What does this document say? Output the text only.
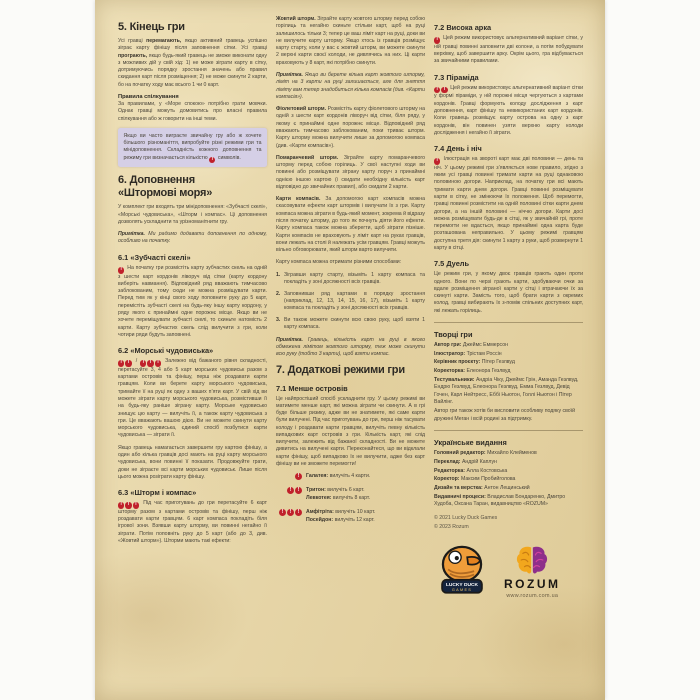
5. Кінець гри

Усі гравці перемагають, якщо активний гравець успішно зіграє карту фінішу після заповнення сітки. Усі гравці програють, якщо будь-який гравець не зможе виконати одну з можливих дій у свій хід: 1) не може зіграти карту в сітку, дотримуючись порядку зростання значень або правил скидання карт після розміщення; 2) не може скинути 2 карти, бо на початку ходу має всього 1 чи 0 карт.

Правила спілкування

За правилами, у «Море спокою» потрібно грати мовчки. Однак гравці можуть домовитись про власні правила спілкування або ж говорити на інші теми.

Якщо ви часто виграєте звичайну гру або ж хочете більшого різноманіття, випробуйте різні режими гри та мінідоповнення. Складність кожного доповнення та режиму гри визначається кількістю ! символів.

6. Доповнення
«Штормові моря»

У комплект гри входять три мінідоповнення: «Зубчасті скелі», «Морські чудовиська», «Шторм і компас». Ці доповнення дозволять ускладнити та урізноманітнити гру.

Примітка. Ми радимо додавати доповнення по одному, особливо на початку.

6.1 «Зубчасті скелі»

! На початку гри розмістіть карту зубчастих скель на одній з шести карт кордонів ліворуч від сітки (карту кордону виберіть навмання). Відповідний ряд вважають тимчасово заблокованим, тому сюди не можна розміщувати карти. Перед тим як у кінці свого ходу поповните руку до 5 карт, перемістіть зубчасті скелі на будь-яку іншу карту кордону, у ряду якого є принаймні одне порожнє місце. Якщо ви не хочете переміщувати зубчасті скелі, то скиньте натомість 2 карти. Карту зубчастих скель слід вилучити з гри, коли чотири ряди будуть заповнені.

6.2 «Морські чудовиська»

!! / ! ! !	Залежно від бажаного рівня складності, перетасуйте 3, 4 або 5 карт морських чудовиськ разом з картами островів та фінішу, перш ніж роздавати карти гравцям. Коли ви берете карту морського чудовиська, тримайте її на руці як одну з ваших п’яти карт. У свій хід ви можете зіграти карту морського чудовиська, розмістивши її на будь-яку раніше зіграну карту. Морське чудовисько знищує цю карту — вилучіть її, а також карту чудовиська з гри. Це вважають вашою дією. Ви не можете скинути карту морського чудовиська, єдиний спосіб позбутися карти чудовиська — зіграти її.

Якщо гравець намагається завершити гру картою фінішу, а один або кілька гравців досі мають на руці карту морського чудовиська, вони повинні її показати. Продовжуйте грати, доки не зіграєте всі карти морських чудовиськ. Лише після цього можна розіграти карту фінішу.

6.3 «Шторм і компас»

!!! Під час приготувань до гри перетасуйте 6 карт шторму разом з картами островів та фінішу, перш ніж роздавати карти гравцям. 6 карт компаса покладіть біля ігрової зони. Взявши карту шторму, ви повинні негайно її зіграти. Потім поповніть руку до 5 карт (або до 3, див. «Жовтий шторм»). Шторми мають такі ефекти:

Жовтий шторм. Зіграйте карту жовтого шторму перед собою горілиць та негайно скиньте стільки карт, щоб на руці залишилось тільки 3; тепер це ваш ліміт карт на руці, доки ви не вилучите карту шторму. Якщо хтось із гравців розміщує карту старту, коли у вас є жовтий шторм, ви можете скинути 2 верхні карти своєї колоди, не дивлячись на них. Ці карти враховують у 8 карт, які потрібно скинути.

Примітка. Якщо ви берете кілька карт жовтого шторму, ліміт на 3 карти на руці залишається, але для зняття ліміту вам тепер знадобиться кілька компасів (див. «Карти компасів»).

Фіолетовий шторм. Розмістіть карту фіолетового шторму на одній з шести карт кордонів ліворуч від сітки, біля ряду, у якому є принаймні одне порожнє місце. Відповідний ряд вважають тимчасово заблокованим, поки триває шторм. Карту шторму можна вилучити лише за допомогою компаса (див. «Карти компасів»).

Помаранчевий шторм. Зіграйте карту помаранчевого шторму перед собою горілиць. У свої наступні ходи ви повинні або розміщувати зіграну карту поруч з принаймні однією іншою картою (і скидати необхідну кількість карт відповідно до звичайних правил), або скидати 2 карти.

Карти компасів. За допомогою карт компасів можна скасовувати ефекти карт штормів і вилучати їх з гри. Карту компаса можна зіграти в будь-який момент, зокрема й відразу після початку шторму, до того як почнуть діяти його ефекти. Карту компаса також можна зберегти, щоб зіграти пізніше. Карти компасів не враховують у ліміт карт на руках гравців, вони лежать на столі й належать усім гравцям. Гравці можуть вільно обговорювати, який шторм варто вилучити.

Карту компаса можна отримати різними способами:

1. Зігравши карту старту, візьміть 1 карту компаса та покладіть у зоні досяжності всіх гравців.

2. Заповнивши ряд картами в порядку зростання (наприклад, 12, 13, 14, 15, 16, 17), візьміть 1 карту компаса та покладіть у зоні досяжності всіх гравців.

3. Ви також можете скинути всю свою руку, щоб взяти 1 карту компаса.

Примітка. Гравець, кількість карт на руці в якого обмежена лімітом жовтого шторму, теж може скинути всю руку (тобто 3 карти), щоб взяти компас.

7. Додаткові режими гри
7.1 Менше островів

Це найпростіший спосіб ускладнити гру. У цьому режимі ви матимете менше карт, які можна зіграти чи скинути. А в грі буде більше ризику, адже ви не знатимете, які саме карти були вилучені. Під час приготувань до гри, перш ніж тасувати колоду і роздавати карти гравцям, вилучіть певну кількість випадкових карт островів з гри. Кількість карт, які слід вилучити, залежить від бажаної складності. Ви не можете дивитись на вилучені карти. Переконайтеся, що ви відклали карти фінішу, щоб випадково їх не вилучити, адже без карт фінішу ви не зможете перемогти!

!

Галатея: вилучіть 4 карти.

!
!

Тритон: вилучіть 6 карт.

Левкотея: вилучіть 8 карт.

!
!
!

Амфітріта: вилучіть 10 карт.

Посейдон: вилучіть 12 карт.

7.2 Висока арка

! Цей режим використовує альтернативний варіант сітки, у ній гравці повинні заповнити дві колони, а потім побудувати верхівку, щоб завершити арку. Окрім цього, гра відбувається за звичайними правилами.

7.3 Піраміда

!! Цей режим використовує альтернативний варіант сітки у формі піраміди, у ній порожні місця чергуються з картами кордонів. Гравці формують колоду дослідження з карт доповнення, карт фінішу та невикористаних карт кордонів. Коли гравець розміщує карту острова на одну з карт кордонів, він повинен узяти верхню карту колоди дослідження і негайно її зіграти.

7.4 День і ніч

! Ілюстрація на звороті карт має дві половини — день та ніч. У цьому режимі гри з’являється нове правило, згідно з яким усі гравці повинні тримати карти на руці однаковою половиною догори. Наприклад, на початку гри всі мають тримати карти днем догори. Гравці повинні розміщувати карти в сітку, не змінюючи їх положення. Щоб перемогти, гравці повинні розмістити на одній половині сітки карти днем догори, а на іншій половині — ніччю догори. Карти досі можна розміщувати будь-де в сітці, як у звичайній грі, проте перемогти не вдасться, якщо принаймні одна карта буде розташована неправильно. У цьому режимі гравцям доступна третя дія: скинути 1 карту з руки, щоб розвернути 1 карту в сітці.

7.5 Дуель

Це режим гри, у якому двоє гравців грають один проти одного. Вони по черзі грають карти, здобуваючи очки за вдале розміщення зіграної карти у сітці і втрачаючи їх за скинуті карти. Замість того, щоб брати карти з окремих колод, гравці вибирають їх з-поміж спільних доступних карт, які лежать горілиць.

Творці гри

Автор гри: Джеймс Еммерсон

Ілюстратор: Трістам Россін

Керівник проєкту: Пітер Гезлвуд

Коректорка: Елеонора Гезлвуд

Тестувальники: Андріа Чіку, Джеймс Грін, Аманда Гезлвуд, Ендрю Гезлвуд, Елеонора Гезлвуд, Емма Гезлвуд, Девід Гочен, Карл Нейтресс, Еббі Ньютон, Голлі Ньютон і Пітер Вайлінг.

Автор гри також хотів би висловити особливу подяку своїй дружині Меган і всій родині за підтримку.

Українське видання

Головний редактор: Михайло Клейменов

Переклад: Андрій Каплун

Редакторка: Алла Костовська

Коректор: Максим Пробийголова

Дизайн та верстка: Антон Лещинський

Видавничі процеси: Владислав Бондаренко, Дмитро Худоба, Оксана Таран, видавництво «ROZUM»

© 2021 Lucky Duck Games

© 2023 Rozum

LUCKY DUCK
GAMES	ROZUM
www.rozum.com.ua
